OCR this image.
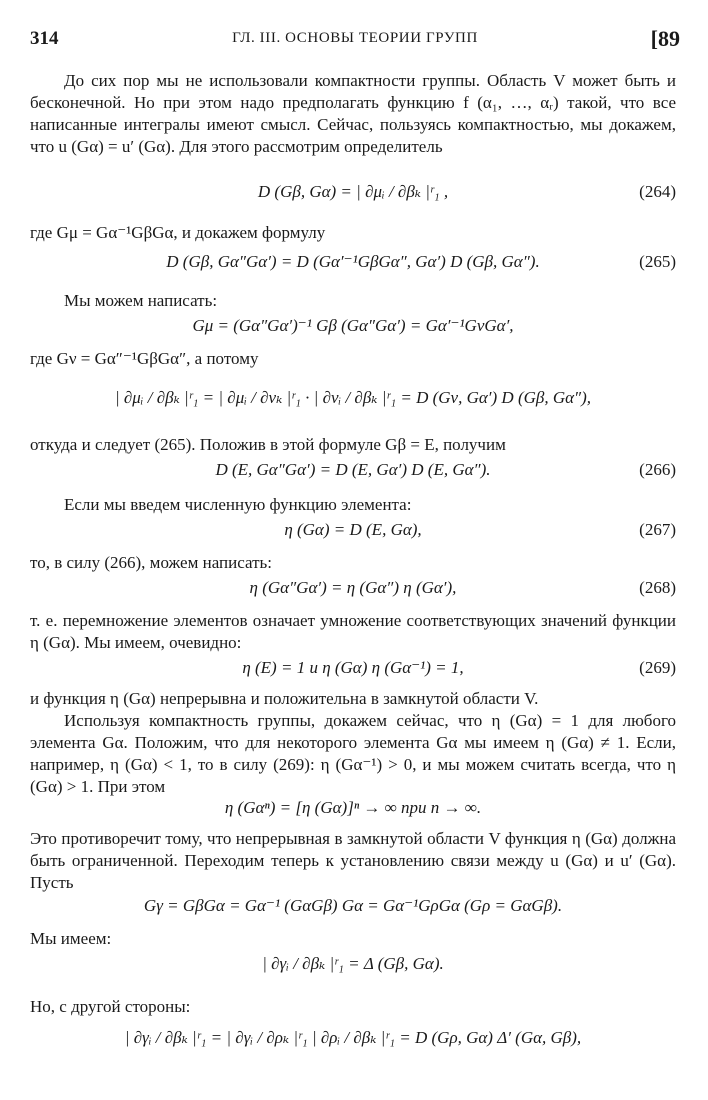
314	ГЛ. III. ОСНОВЫ ТЕОРИИ ГРУПП	[89
До сих пор мы не использовали компактности группы. Область V может быть и бесконечной. Но при этом надо предполагать функцию f (α₁, …, αᵣ) такой, что все написанные интегралы имеют смысл. Сейчас, пользуясь компактностью, мы докажем, что u (Gα) = u′ (Gα). Для этого рассмотрим определитель
D (Gβ, Gα) = | ∂μᵢ / ∂βₖ |ʳ₁ ,	(264)
где Gμ = Gα⁻¹GβGα, и докажем формулу
D (Gβ, Gα″Gα′) = D (Gα′⁻¹GβGα″, Gα′) D (Gβ, Gα″).	(265)
Мы можем написать:
Gμ = (Gα″Gα′)⁻¹ Gβ (Gα″Gα′) = Gα′⁻¹GνGα′,
где Gν = Gα″⁻¹GβGα″, а потому
| ∂μᵢ / ∂βₖ |ʳ₁ = | ∂μᵢ / ∂νₖ |ʳ₁ · | ∂νᵢ / ∂βₖ |ʳ₁ = D (Gν, Gα′) D (Gβ, Gα″),
откуда и следует (265). Положив в этой формуле Gβ = E, получим
D (E, Gα″Gα′) = D (E, Gα′) D (E, Gα″).	(266)
Если мы введем численную функцию элемента:
η (Gα) = D (E, Gα),	(267)
то, в силу (266), можем написать:
η (Gα″Gα′) = η (Gα″) η (Gα′),	(268)
т. е. перемножение элементов означает умножение соответствующих значений функции η (Gα). Мы имеем, очевидно:
η (E) = 1 и η (Gα) η (Gα⁻¹) = 1,	(269)
и функция η (Gα) непрерывна и положительна в замкнутой области V.
Используя компактность группы, докажем сейчас, что η (Gα) = 1 для любого элемента Gα. Положим, что для некоторого элемента Gα мы имеем η (Gα) ≠ 1. Если, например, η (Gα) < 1, то в силу (269): η (Gα⁻¹) > 0, и мы можем считать всегда, что η (Gα) > 1. При этом
η (Gαⁿ) = [η (Gα)]ⁿ → ∞ при n → ∞.
Это противоречит тому, что непрерывная в замкнутой области V функция η (Gα) должна быть ограниченной. Переходим теперь к установлению связи между u (Gα) и u′ (Gα). Пусть
Gγ = GβGα = Gα⁻¹ (GαGβ) Gα = Gα⁻¹GρGα (Gρ = GαGβ).
Мы имеем:
| ∂γᵢ / ∂βₖ |ʳ₁ = Δ (Gβ, Gα).
Но, с другой стороны:
| ∂γᵢ / ∂βₖ |ʳ₁ = | ∂γᵢ / ∂ρₖ |ʳ₁ | ∂ρᵢ / ∂βₖ |ʳ₁ = D (Gρ, Gα) Δ′ (Gα, Gβ),
